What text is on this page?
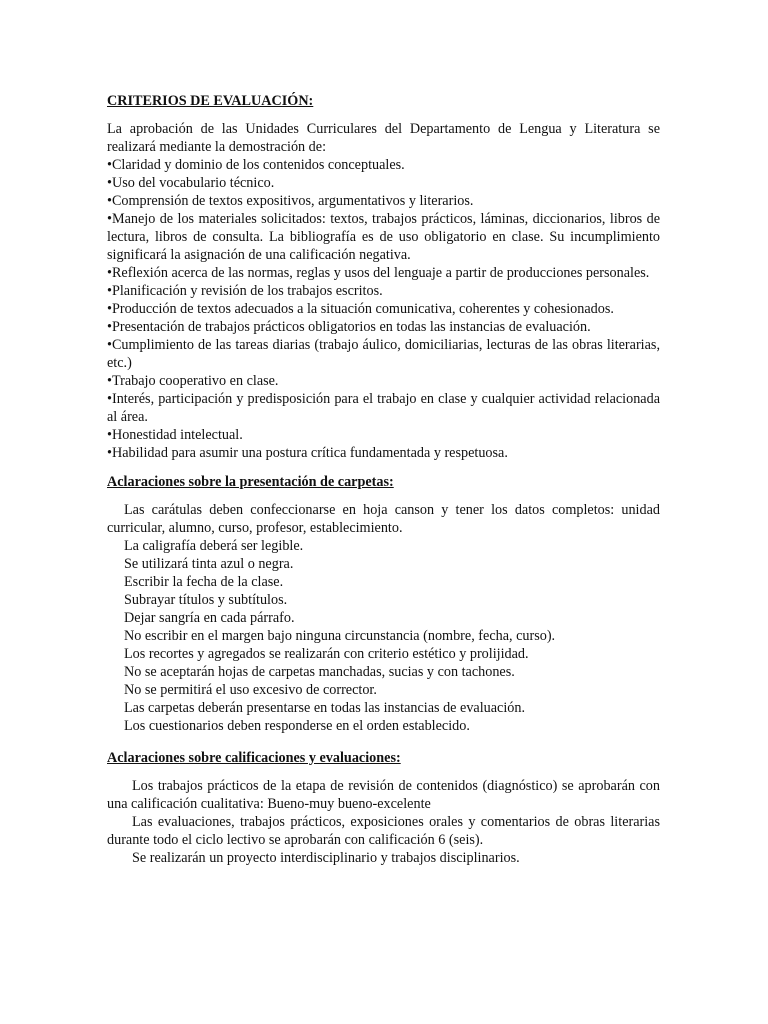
CRITERIOS DE EVALUACIÓN:

La aprobación de las Unidades Curriculares del Departamento de Lengua y Literatura se realizará mediante la demostración de:

•Claridad y dominio de los contenidos conceptuales.

•Uso del vocabulario técnico.

•Comprensión de textos expositivos, argumentativos y literarios.

•Manejo de los materiales solicitados: textos, trabajos prácticos, láminas, diccionarios, libros de lectura, libros de consulta. La bibliografía es de uso obligatorio en clase. Su incumplimiento significará la asignación de una calificación negativa.

•Reflexión acerca de las normas, reglas y usos del lenguaje a partir de producciones personales.

•Planificación y revisión de los trabajos escritos.

•Producción de textos adecuados a la situación comunicativa, coherentes y cohesionados.

•Presentación de trabajos prácticos obligatorios en todas las instancias de evaluación.

•Cumplimiento de las tareas diarias (trabajo áulico, domiciliarias, lecturas de las obras literarias, etc.)

•Trabajo cooperativo en clase.

•Interés, participación y predisposición para el trabajo en clase y cualquier actividad relacionada al área.

•Honestidad intelectual.

•Habilidad para asumir una postura crítica fundamentada y respetuosa.

Aclaraciones sobre la presentación de carpetas:

Las carátulas deben confeccionarse en hoja canson y tener los datos completos: unidad curricular, alumno, curso, profesor, establecimiento.

La caligrafía deberá ser legible.

Se utilizará tinta azul o negra.

Escribir la fecha de la clase.

Subrayar títulos y subtítulos.

Dejar sangría en cada párrafo.

No escribir en el margen bajo ninguna circunstancia (nombre, fecha, curso).

Los recortes y agregados se realizarán con criterio estético y prolijidad.

No se aceptarán hojas de carpetas manchadas, sucias y con tachones.

No se permitirá el uso excesivo de corrector.

Las carpetas deberán presentarse en todas las instancias de evaluación.

Los cuestionarios deben responderse en el orden establecido.

Aclaraciones sobre calificaciones y evaluaciones:

Los trabajos prácticos de la etapa de revisión de contenidos (diagnóstico) se aprobarán con una calificación cualitativa: Bueno-muy bueno-excelente

Las evaluaciones, trabajos prácticos, exposiciones orales y comentarios de obras literarias durante todo el ciclo lectivo se aprobarán con calificación 6 (seis).

Se realizarán un proyecto interdisciplinario y trabajos disciplinarios.
